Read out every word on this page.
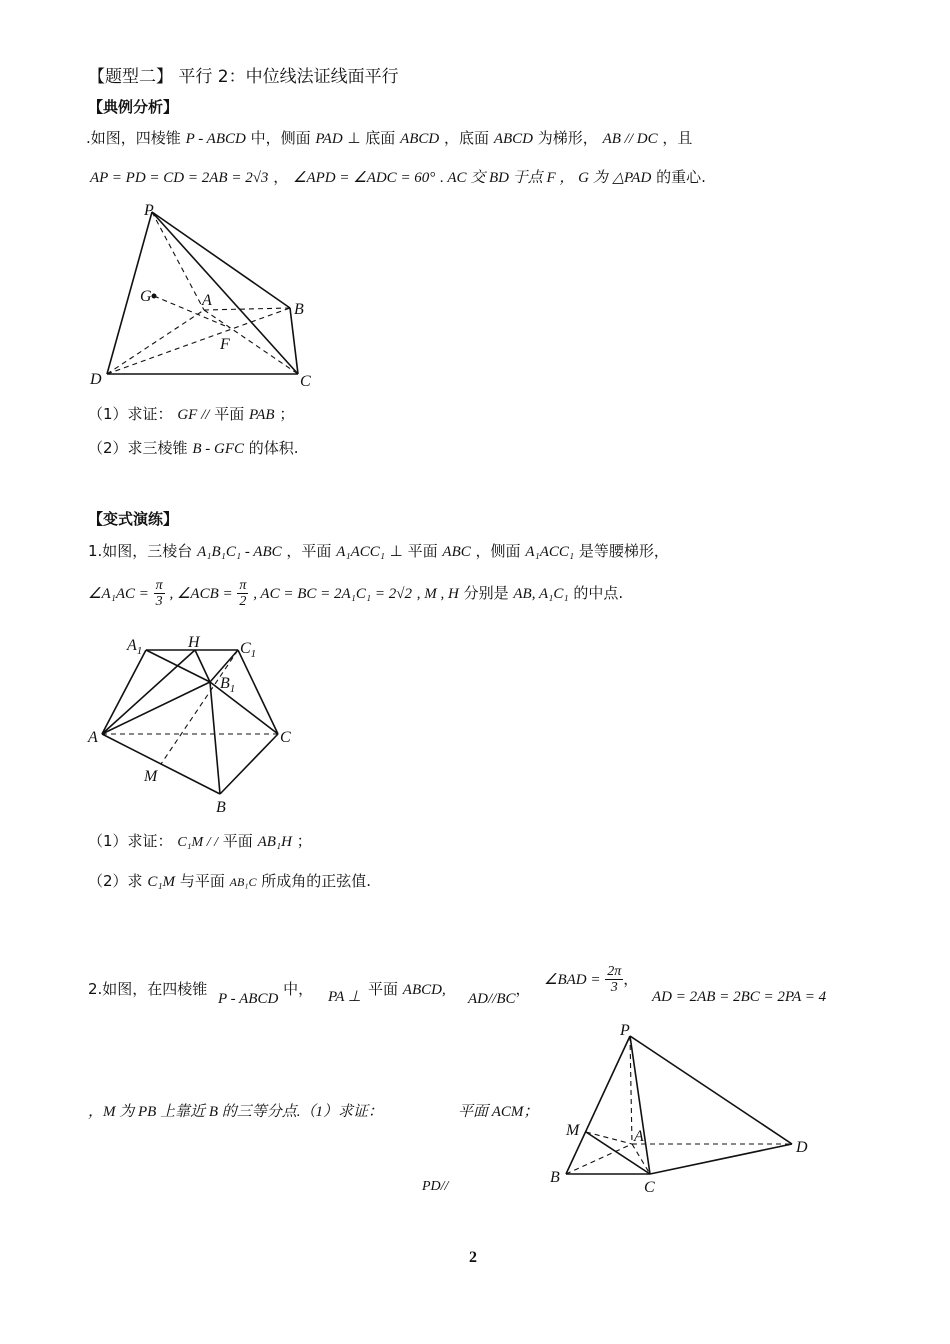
【题型二】 平行 2：中位线法证线面平行
【典例分析】
.如图，四棱锥 P - ABCD 中，侧面 PAD ⊥ 底面 ABCD ，底面 ABCD 为梯形， AB // DC ，且
AP = PD = CD = 2AB = 2√3 ， ∠APD = ∠ADC = 60° . AC 交 BD 于点 F ， G 为 △PAD 的重心.
P
G	A
B
F
D	C
（1）求证： GF // 平面 PAB ；
（2）求三棱锥 B - GFC 的体积.
【变式演练】
1.如图，三棱台 A₁B₁C₁ - ABC ，平面 A₁ACC₁ ⊥ 平面 ABC ，侧面 A₁ACC₁ 是等腰梯形，
∠A₁AC = $\frac{\pi}{3}$ , ∠ACB = $\frac{\pi}{2}$ , AC = BC = 2A₁C₁ = 2√2 , M , H 分别是 AB, A₁C₁ 的中点.
$A_1$	H	$C_1$
$B_1$
A	C
M
B
（1）求证： C₁M / / 平面 AB₁H ；
（2）求 C₁M 与平面 AB₁C 所成角的正弦值.
2.如图，在四棱锥
P - ABCD 中， PA ⊥ 平面 ABCD,
AD//BC， ∠BAD = $\frac{2\pi}{3}$ ，
AD = 2AB = 2BC = 2PA = 4
，M 为 PB 上靠近 B 的三等分点.（1）求证：	平面 ACM；
PD//
P
M	A
D
B
C
2
